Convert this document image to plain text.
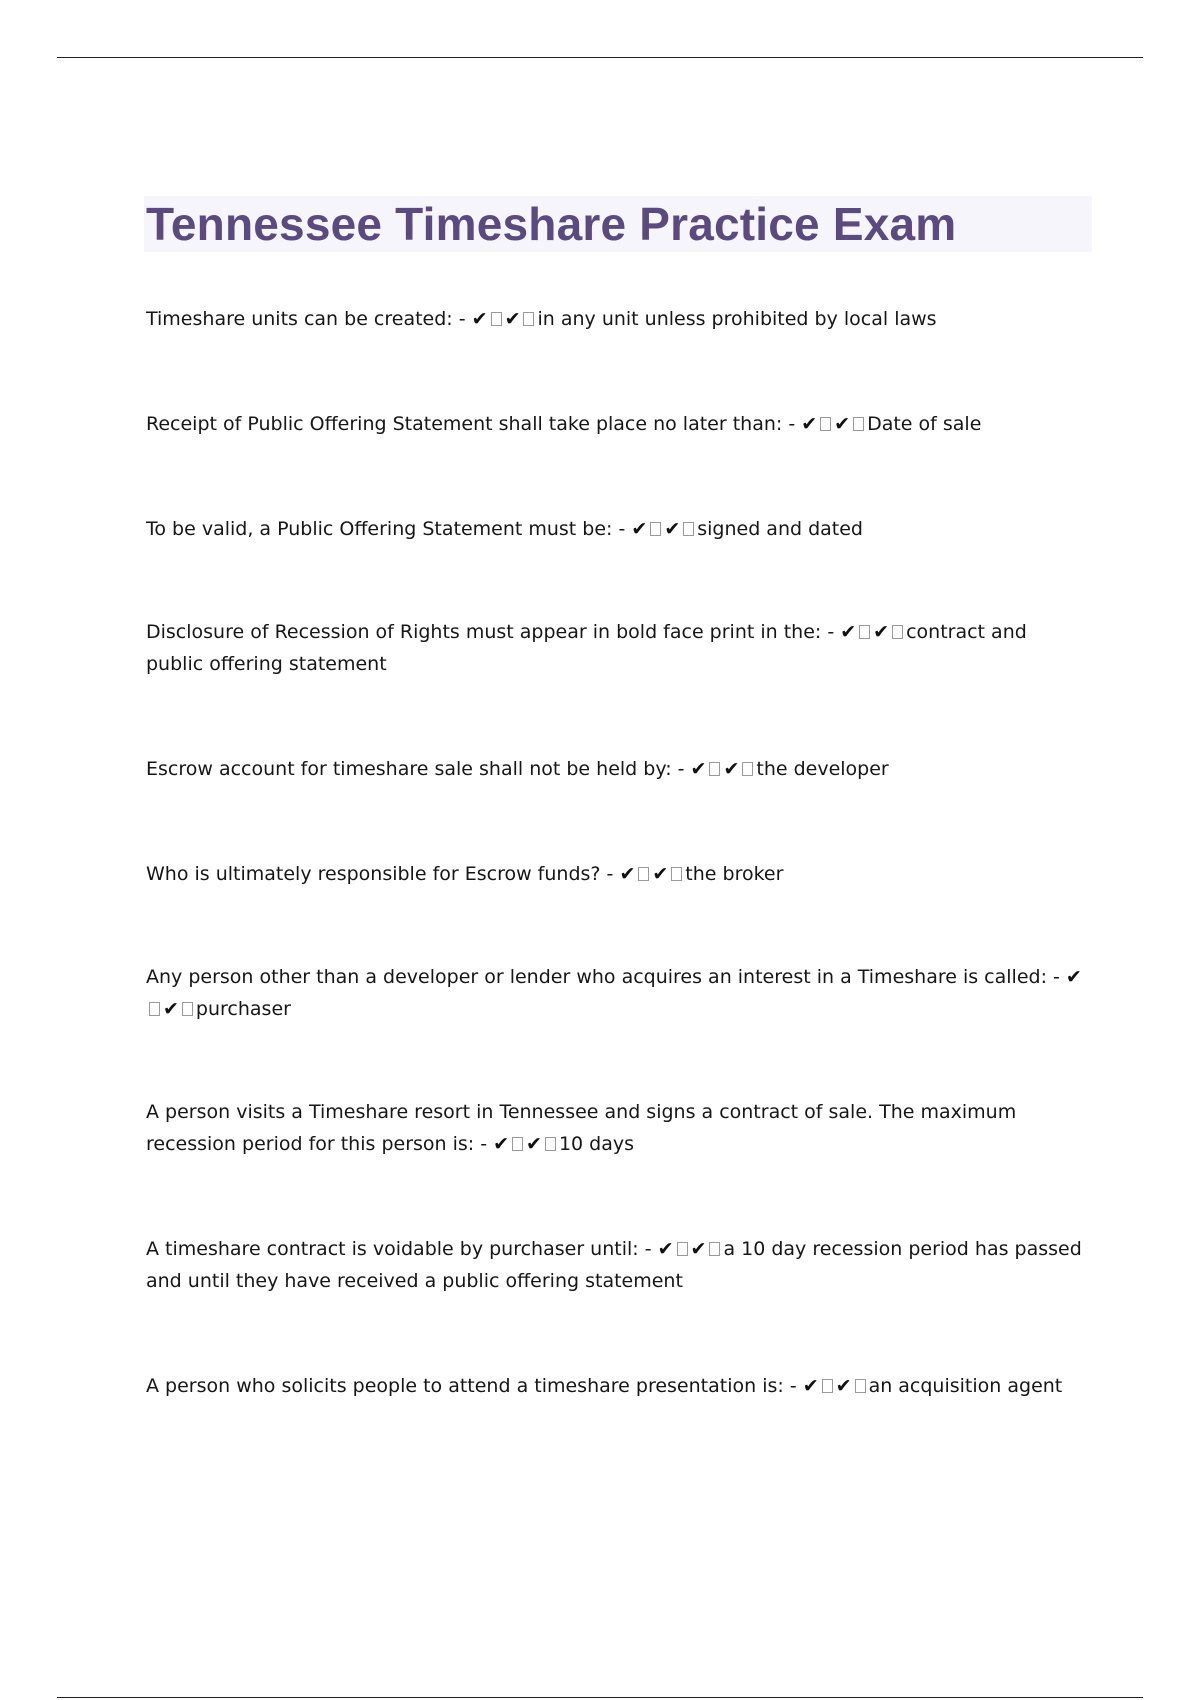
Tennessee Timeshare Practice Exam

Timeshare units can be created: - ✔ ✔ in any unit unless prohibited by local laws

Receipt of Public Offering Statement shall take place no later than: - ✔ ✔ Date of sale

To be valid, a Public Offering Statement must be: - ✔ ✔ signed and dated

Disclosure of Recession of Rights must appear in bold face print in the: - ✔ ✔ contract and public offering statement

Escrow account for timeshare sale shall not be held by: - ✔ ✔ the developer

Who is ultimately responsible for Escrow funds? - ✔ ✔ the broker

Any person other than a developer or lender who acquires an interest in a Timeshare is called: - ✔✔ purchaser

A person visits a Timeshare resort in Tennessee and signs a contract of sale. The maximum recession period for this person is: - ✔ ✔ 10 days

A timeshare contract is voidable by purchaser until: - ✔ ✔ a 10 day recession period has passed and until they have received a public offering statement

A person who solicits people to attend a timeshare presentation is: - ✔ ✔ an acquisition agent
